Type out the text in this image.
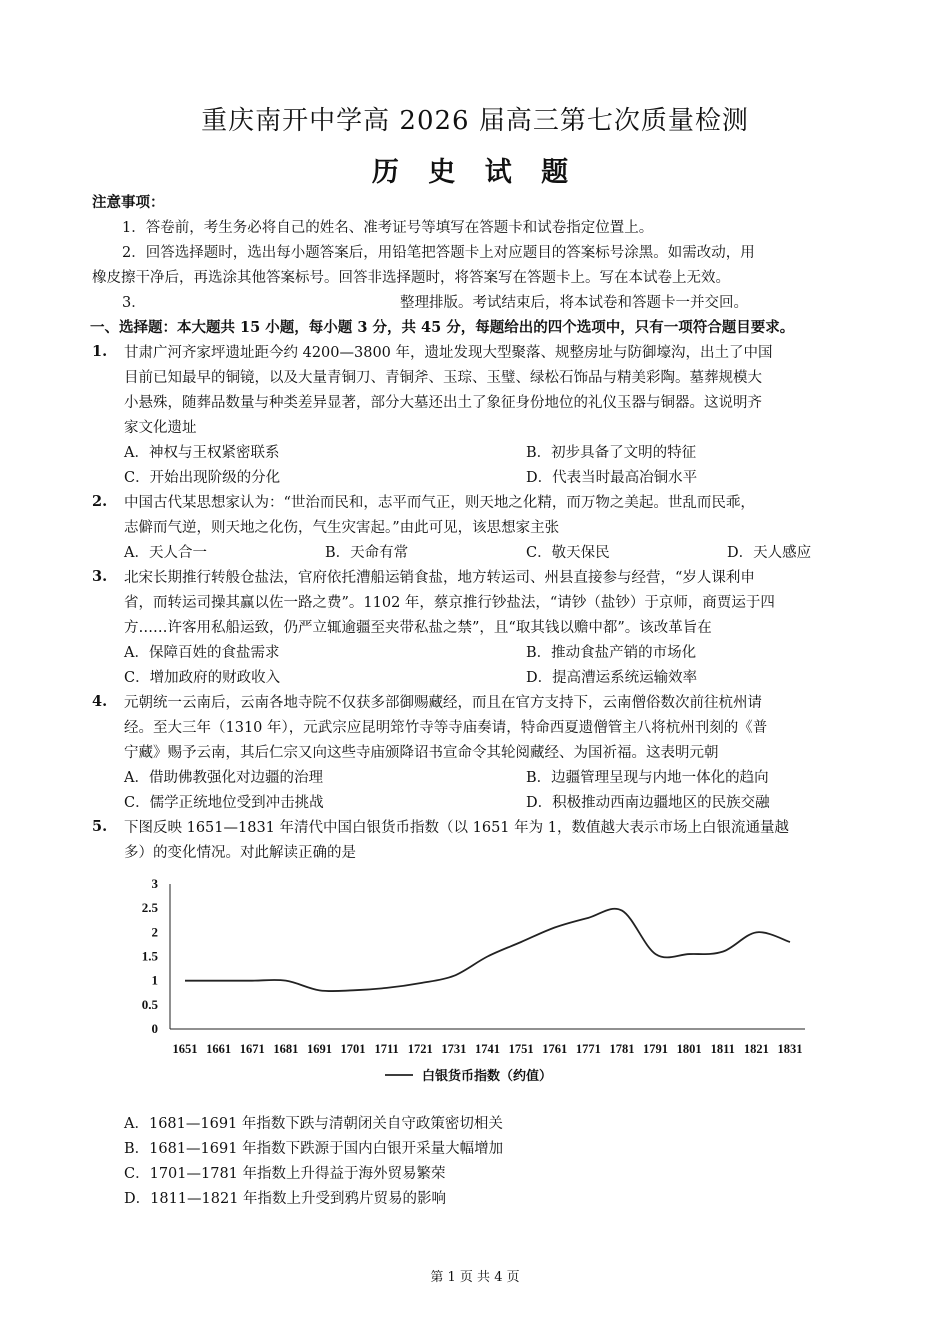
重庆南开中学高 2026 届高三第七次质量检测
历 史 试 题
注意事项：
1．答卷前，考生务必将自己的姓名、准考证号等填写在答题卡和试卷指定位置上。
2．回答选择题时，选出每小题答案后，用铅笔把答题卡上对应题目的答案标号涂黑。如需改动，用
橡皮擦干净后，再选涂其他答案标号。回答非选择题时，将答案写在答题卡上。写在本试卷上无效。
3．	整理排版。考试结束后，将本试卷和答题卡一并交回。
一、选择题：本大题共 15 小题，每小题 3 分，共 45 分，每题给出的四个选项中，只有一项符合题目要求。
1. 甘肃广河齐家坪遗址距今约 4200—3800 年，遗址发现大型聚落、规整房址与防御壕沟，出土了中国
目前已知最早的铜镜，以及大量青铜刀、青铜斧、玉琮、玉璧、绿松石饰品与精美彩陶。墓葬规模大
小悬殊，随葬品数量与种类差异显著，部分大墓还出土了象征身份地位的礼仪玉器与铜器。这说明齐
家文化遗址
A．神权与王权紧密联系	B．初步具备了文明的特征
C．开始出现阶级的分化	D．代表当时最高冶铜水平
2. 中国古代某思想家认为：“世治而民和，志平而气正，则天地之化精，而万物之美起。世乱而民乖，
志僻而气逆，则天地之化伤，气生灾害起。”由此可见，该思想家主张
A．天人合一	B．天命有常	C．敬天保民	D．天人感应
3. 北宋长期推行转般仓盐法，官府依托漕船运销食盐，地方转运司、州县直接参与经营，“岁人课利申
省，而转运司操其赢以佐一路之费”。1102 年，蔡京推行钞盐法，“请钞（盐钞）于京师，商贾运于四
方……许客用私船运致，仍严立辄逾疆至夹带私盐之禁”，且“取其钱以赡中都”。该改革旨在
A．保障百姓的食盐需求	B．推动食盐产销的市场化
C．增加政府的财政收入	D．提高漕运系统运输效率
4. 元朝统一云南后，云南各地寺院不仅获多部御赐藏经，而且在官方支持下，云南僧俗数次前往杭州请
经。至大三年（1310 年），元武宗应昆明筇竹寺等寺庙奏请，特命西夏遗僧管主八将杭州刊刻的《普
宁藏》赐予云南，其后仁宗又向这些寺庙颁降诏书宣命令其轮阅藏经、为国祈福。这表明元朝
A．借助佛教强化对边疆的治理	B．边疆管理呈现与内地一体化的趋向
C．儒学正统地位受到冲击挑战	D．积极推动西南边疆地区的民族交融
5. 下图反映 1651—1831 年清代中国白银货币指数（以 1651 年为 1，数值越大表示市场上白银流通量越
多）的变化情况。对此解读正确的是
0
0.5
1
1.5
2
2.5
3
1651 1661 1671 1681 1691 1701 1711 1721 1731 1741 1751 1761 1771 1781 1791 1801 1811 1821 1831
白银货币指数（约值）
A．1681—1691 年指数下跌与清朝闭关自守政策密切相关
B．1681—1691 年指数下跌源于国内白银开采量大幅增加
C．1701—1781 年指数上升得益于海外贸易繁荣
D．1811—1821 年指数上升受到鸦片贸易的影响
第 1 页 共 4 页
